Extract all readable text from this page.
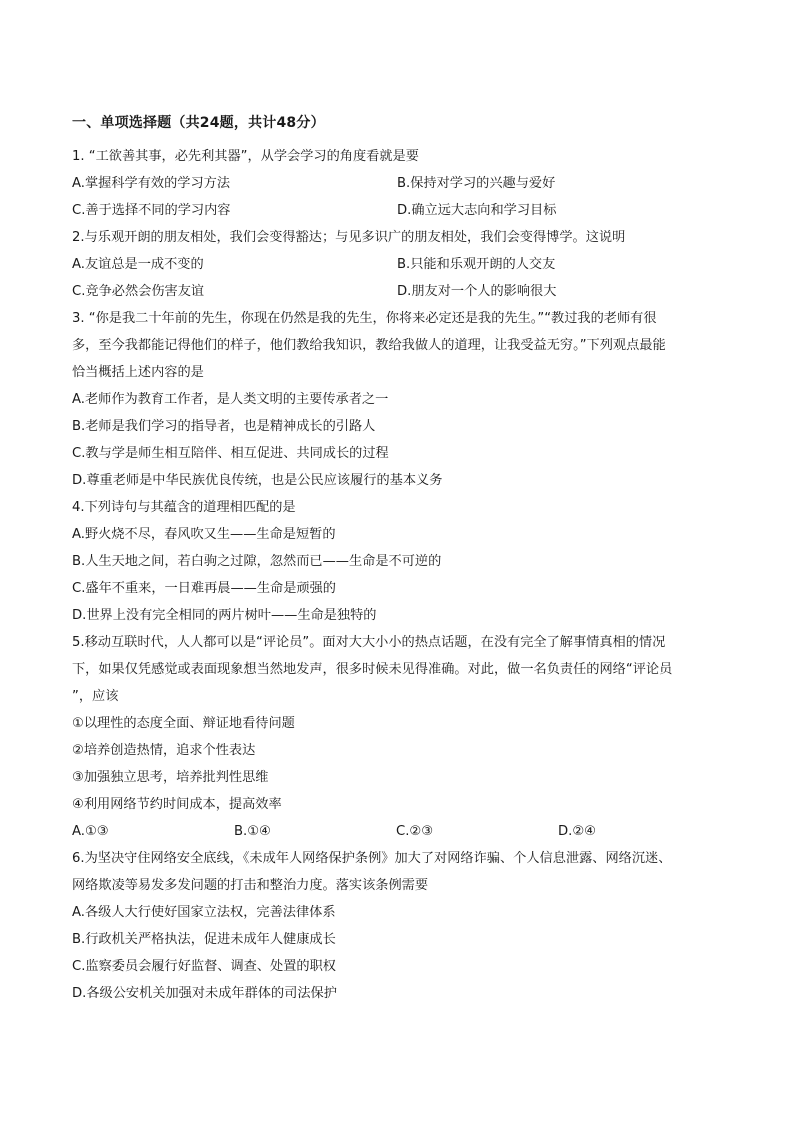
一、单项选择题（共24题，共计48分）
1. “工欲善其事，必先利其器”，从学会学习的角度看就是要
A.掌握科学有效的学习方法	B.保持对学习的兴趣与爱好
C.善于选择不同的学习内容	D.确立远大志向和学习目标
2.与乐观开朗的朋友相处，我们会变得豁达；与见多识广的朋友相处，我们会变得博学。这说明
A.友谊总是一成不变的	B.只能和乐观开朗的人交友
C.竞争必然会伤害友谊	D.朋友对一个人的影响很大
3. “你是我二十年前的先生，你现在仍然是我的先生，你将来必定还是我的先生。”“教过我的老师有很
多，至今我都能记得他们的样子，他们教给我知识，教给我做人的道理，让我受益无穷。”下列观点最能
恰当概括上述内容的是
A.老师作为教育工作者，是人类文明的主要传承者之一
B.老师是我们学习的指导者，也是精神成长的引路人
C.教与学是师生相互陪伴、相互促进、共同成长的过程
D.尊重老师是中华民族优良传统，也是公民应该履行的基本义务
4.下列诗句与其蕴含的道理相匹配的是
A.野火烧不尽，春风吹又生——生命是短暂的
B.人生天地之间，若白驹之过隙，忽然而已——生命是不可逆的
C.盛年不重来，一日难再晨——生命是顽强的
D.世界上没有完全相同的两片树叶——生命是独特的
5.移动互联时代，人人都可以是“评论员”。面对大大小小的热点话题，在没有完全了解事情真相的情况
下，如果仅凭感觉或表面现象想当然地发声，很多时候未见得准确。对此，做一名负责任的网络“评论员
”，应该
①以理性的态度全面、辩证地看待问题
②培养创造热情，追求个性表达
③加强独立思考，培养批判性思维
④利用网络节约时间成本，提高效率
A.①③	B.①④	C.②③	D.②④
6.为坚决守住网络安全底线，《未成年人网络保护条例》加大了对网络诈骗、个人信息泄露、网络沉迷、
网络欺凌等易发多发问题的打击和整治力度。落实该条例需要
A.各级人大行使好国家立法权，完善法律体系
B.行政机关严格执法，促进未成年人健康成长
C.监察委员会履行好监督、调查、处置的职权
D.各级公安机关加强对未成年群体的司法保护
